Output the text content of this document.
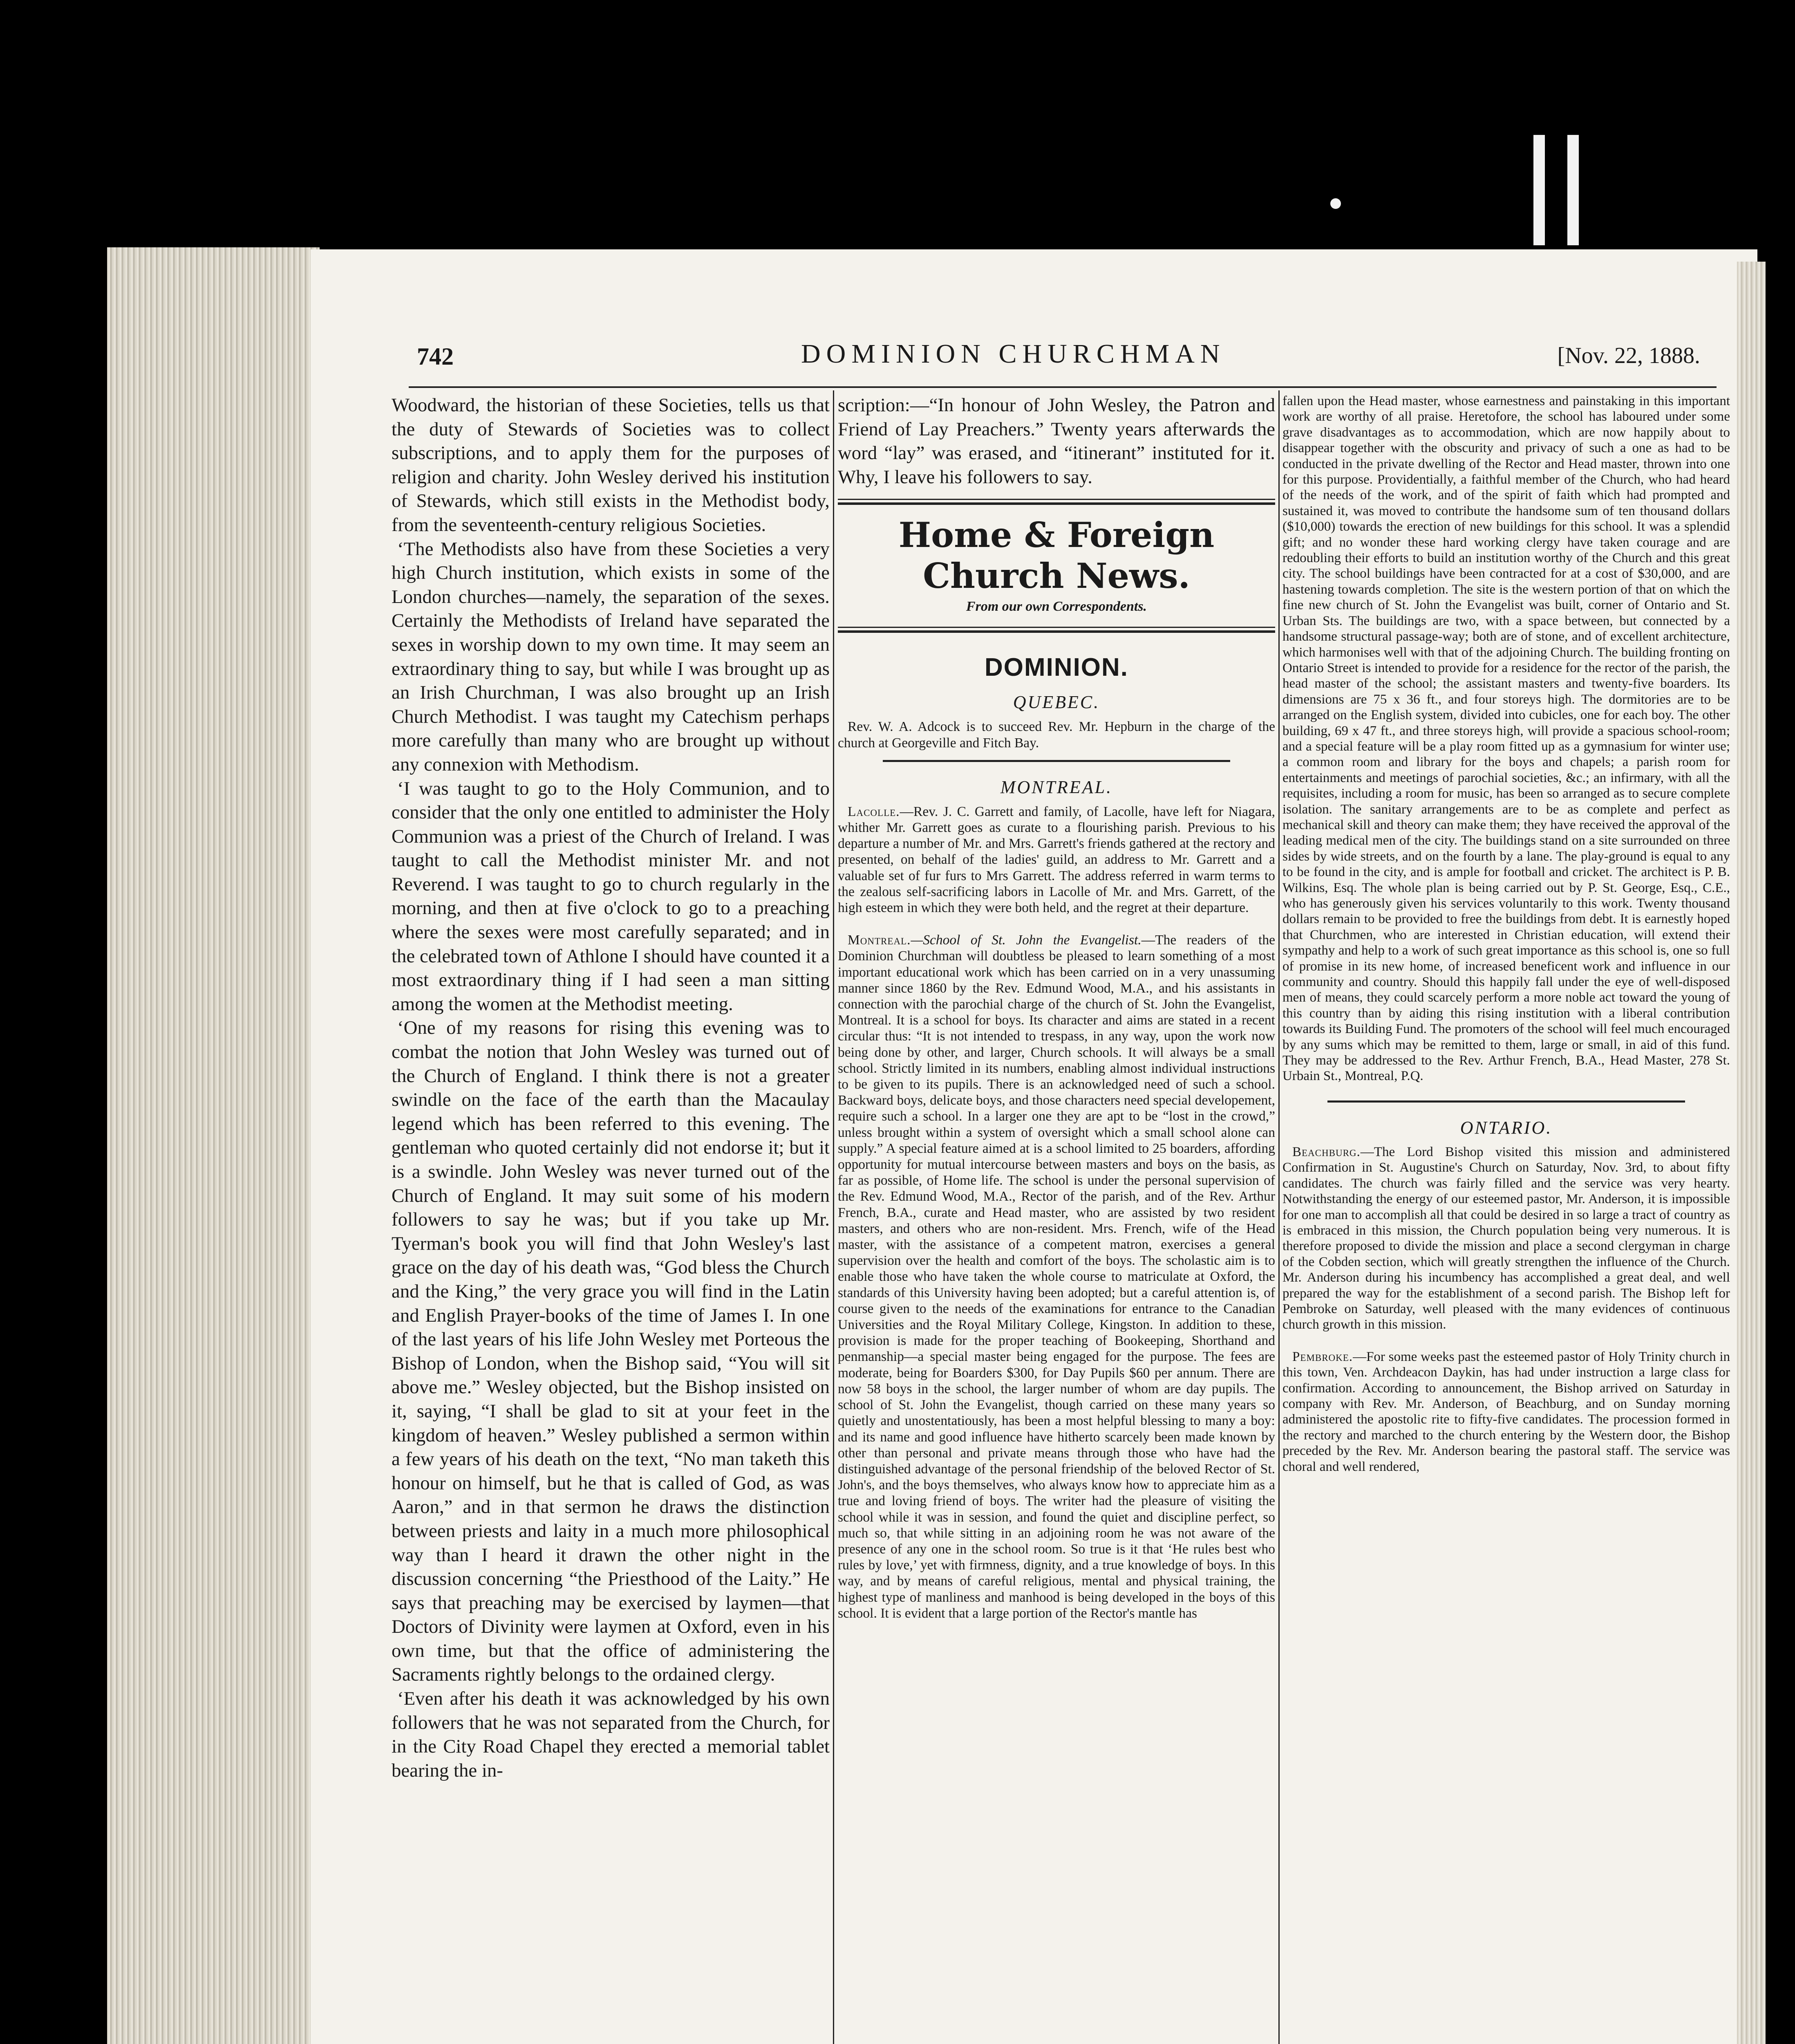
742	DOMINION CHURCHMAN	[Nov. 22, 1888.

Woodward, the historian of these Societies, tells us that the duty of Stewards of Societies was to collect subscriptions, and to apply them for the purposes of religion and charity. John Wesley derived his institution of Stewards, which still exists in the Methodist body, from the seventeenth-century religious Societies.

‘The Methodists also have from these Societies a very high Church institution, which exists in some of the London churches—namely, the separation of the sexes. Certainly the Methodists of Ireland have separated the sexes in worship down to my own time. It may seem an extraordinary thing to say, but while I was brought up as an Irish Churchman, I was also brought up an Irish Church Methodist. I was taught my Catechism perhaps more carefully than many who are brought up without any connexion with Methodism.

‘I was taught to go to the Holy Communion, and to consider that the only one entitled to administer the Holy Communion was a priest of the Church of Ireland. I was taught to call the Methodist minister Mr. and not Reverend. I was taught to go to church regularly in the morning, and then at five o'clock to go to a preaching where the sexes were most carefully separated; and in the celebrated town of Athlone I should have counted it a most extraordinary thing if I had seen a man sitting among the women at the Methodist meeting.

‘One of my reasons for rising this evening was to combat the notion that John Wesley was turned out of the Church of England. I think there is not a greater swindle on the face of the earth than the Macaulay legend which has been referred to this evening. The gentleman who quoted certainly did not endorse it; but it is a swindle. John Wesley was never turned out of the Church of England. It may suit some of his modern followers to say he was; but if you take up Mr. Tyerman's book you will find that John Wesley's last grace on the day of his death was, “God bless the Church and the King,” the very grace you will find in the Latin and English Prayer-books of the time of James I. In one of the last years of his life John Wesley met Porteous the Bishop of London, when the Bishop said, “You will sit above me.” Wesley objected, but the Bishop insisted on it, saying, “I shall be glad to sit at your feet in the kingdom of heaven.” Wesley published a sermon within a few years of his death on the text, “No man taketh this honour on himself, but he that is called of God, as was Aaron,” and in that sermon he draws the distinction between priests and laity in a much more philosophical way than I heard it drawn the other night in the discussion concerning “the Priesthood of the Laity.” He says that preaching may be exercised by laymen—that Doctors of Divinity were laymen at Oxford, even in his own time, but that the office of administering the Sacraments rightly belongs to the ordained clergy.

‘Even after his death it was acknowledged by his own followers that he was not separated from the Church, for in the City Road Chapel they erected a memorial tablet bearing the in-

scription:—“In honour of John Wesley, the Patron and Friend of Lay Preachers.” Twenty years afterwards the word “lay” was erased, and “itinerant” instituted for it. Why, I leave his followers to say.

Home & Foreign Church News.
From our own Correspondents.
DOMINION.
QUEBEC.

Rev. W. A. Adcock is to succeed Rev. Mr. Hepburn in the charge of the church at Georgeville and Fitch Bay.

MONTREAL.

Lacolle.—Rev. J. C. Garrett and family, of Lacolle, have left for Niagara, whither Mr. Garrett goes as curate to a flourishing parish. Previous to his departure a number of Mr. and Mrs. Garrett's friends gathered at the rectory and presented, on behalf of the ladies' guild, an address to Mr. Garrett and a valuable set of fur furs to Mrs Garrett. The address referred in warm terms to the zealous self-sacrificing labors in Lacolle of Mr. and Mrs. Garrett, of the high esteem in which they were both held, and the regret at their departure.

Montreal.—School of St. John the Evangelist.—The readers of the Dominion Churchman will doubtless be pleased to learn something of a most important educational work which has been carried on in a very unassuming manner since 1860 by the Rev. Edmund Wood, M.A., and his assistants in connection with the parochial charge of the church of St. John the Evangelist, Montreal. It is a school for boys. Its character and aims are stated in a recent circular thus: “It is not intended to trespass, in any way, upon the work now being done by other, and larger, Church schools. It will always be a small school. Strictly limited in its numbers, enabling almost individual instructions to be given to its pupils. There is an acknowledged need of such a school. Backward boys, delicate boys, and those characters need special developement, require such a school. In a larger one they are apt to be “lost in the crowd,” unless brought within a system of oversight which a small school alone can supply.” A special feature aimed at is a school limited to 25 boarders, affording opportunity for mutual intercourse between masters and boys on the basis, as far as possible, of Home life. The school is under the personal supervision of the Rev. Edmund Wood, M.A., Rector of the parish, and of the Rev. Arthur French, B.A., curate and Head master, who are assisted by two resident masters, and others who are non-resident. Mrs. French, wife of the Head master, with the assistance of a competent matron, exercises a general supervision over the health and comfort of the boys. The scholastic aim is to enable those who have taken the whole course to matriculate at Oxford, the standards of this University having been adopted; but a careful attention is, of course given to the needs of the examinations for entrance to the Canadian Universities and the Royal Military College, Kingston. In addition to these, provision is made for the proper teaching of Bookeeping, Shorthand and penmanship—a special master being engaged for the purpose. The fees are moderate, being for Boarders $300, for Day Pupils $60 per annum. There are now 58 boys in the school, the larger number of whom are day pupils. The school of St. John the Evangelist, though carried on these many years so quietly and unostentatiously, has been a most helpful blessing to many a boy: and its name and good influence have hitherto scarcely been made known by other than personal and private means through those who have had the distinguished advantage of the personal friendship of the beloved Rector of St. John's, and the boys themselves, who always know how to appreciate him as a true and loving friend of boys. The writer had the pleasure of visiting the school while it was in session, and found the quiet and discipline perfect, so much so, that while sitting in an adjoining room he was not aware of the presence of any one in the school room. So true is it that ‘He rules best who rules by love,’ yet with firmness, dignity, and a true knowledge of boys. In this way, and by means of careful religious, mental and physical training, the highest type of manliness and manhood is being developed in the boys of this school. It is evident that a large portion of the Rector's mantle has

fallen upon the Head master, whose earnestness and painstaking in this important work are worthy of all praise. Heretofore, the school has laboured under some grave disadvantages as to accommodation, which are now happily about to disappear together with the obscurity and privacy of such a one as had to be conducted in the private dwelling of the Rector and Head master, thrown into one for this purpose. Providentially, a faithful member of the Church, who had heard of the needs of the work, and of the spirit of faith which had prompted and sustained it, was moved to contribute the handsome sum of ten thousand dollars ($10,000) towards the erection of new buildings for this school. It was a splendid gift; and no wonder these hard working clergy have taken courage and are redoubling their efforts to build an institution worthy of the Church and this great city. The school buildings have been contracted for at a cost of $30,000, and are hastening towards completion. The site is the western portion of that on which the fine new church of St. John the Evangelist was built, corner of Ontario and St. Urban Sts. The buildings are two, with a space between, but connected by a handsome structural passage-way; both are of stone, and of excellent architecture, which harmonises well with that of the adjoining Church. The building fronting on Ontario Street is intended to provide for a residence for the rector of the parish, the head master of the school; the assistant masters and twenty-five boarders. Its dimensions are 75 x 36 ft., and four storeys high. The dormitories are to be arranged on the English system, divided into cubicles, one for each boy. The other building, 69 x 47 ft., and three storeys high, will provide a spacious school-room; and a special feature will be a play room fitted up as a gymnasium for winter use; a common room and library for the boys and chapels; a parish room for entertainments and meetings of parochial societies, &c.; an infirmary, with all the requisites, including a room for music, has been so arranged as to secure complete isolation. The sanitary arrangements are to be as complete and perfect as mechanical skill and theory can make them; they have received the approval of the leading medical men of the city. The buildings stand on a site surrounded on three sides by wide streets, and on the fourth by a lane. The play-ground is equal to any to be found in the city, and is ample for football and cricket. The architect is P. B. Wilkins, Esq. The whole plan is being carried out by P. St. George, Esq., C.E., who has generously given his services voluntarily to this work. Twenty thousand dollars remain to be provided to free the buildings from debt. It is earnestly hoped that Churchmen, who are interested in Christian education, will extend their sympathy and help to a work of such great importance as this school is, one so full of promise in its new home, of increased beneficent work and influence in our community and country. Should this happily fall under the eye of well-disposed men of means, they could scarcely perform a more noble act toward the young of this country than by aiding this rising institution with a liberal contribution towards its Building Fund. The promoters of the school will feel much encouraged by any sums which may be remitted to them, large or small, in aid of this fund. They may be addressed to the Rev. Arthur French, B.A., Head Master, 278 St. Urbain St., Montreal, P.Q.

ONTARIO.

Beachburg.—The Lord Bishop visited this mission and administered Confirmation in St. Augustine's Church on Saturday, Nov. 3rd, to about fifty candidates. The church was fairly filled and the service was very hearty. Notwithstanding the energy of our esteemed pastor, Mr. Anderson, it is impossible for one man to accomplish all that could be desired in so large a tract of country as is embraced in this mission, the Church population being very numerous. It is therefore proposed to divide the mission and place a second clergyman in charge of the Cobden section, which will greatly strengthen the influence of the Church. Mr. Anderson during his incumbency has accomplished a great deal, and well prepared the way for the establishment of a second parish. The Bishop left for Pembroke on Saturday, well pleased with the many evidences of continuous church growth in this mission.

Pembroke.—For some weeks past the esteemed pastor of Holy Trinity church in this town, Ven. Archdeacon Daykin, has had under instruction a large class for confirmation. According to announcement, the Bishop arrived on Saturday in company with Rev. Mr. Anderson, of Beachburg, and on Sunday morning administered the apostolic rite to fifty-five candidates. The procession formed in the rectory and marched to the church entering by the Western door, the Bishop preceded by the Rev. Mr. Anderson bearing the pastoral staff. The service was choral and well rendered,
